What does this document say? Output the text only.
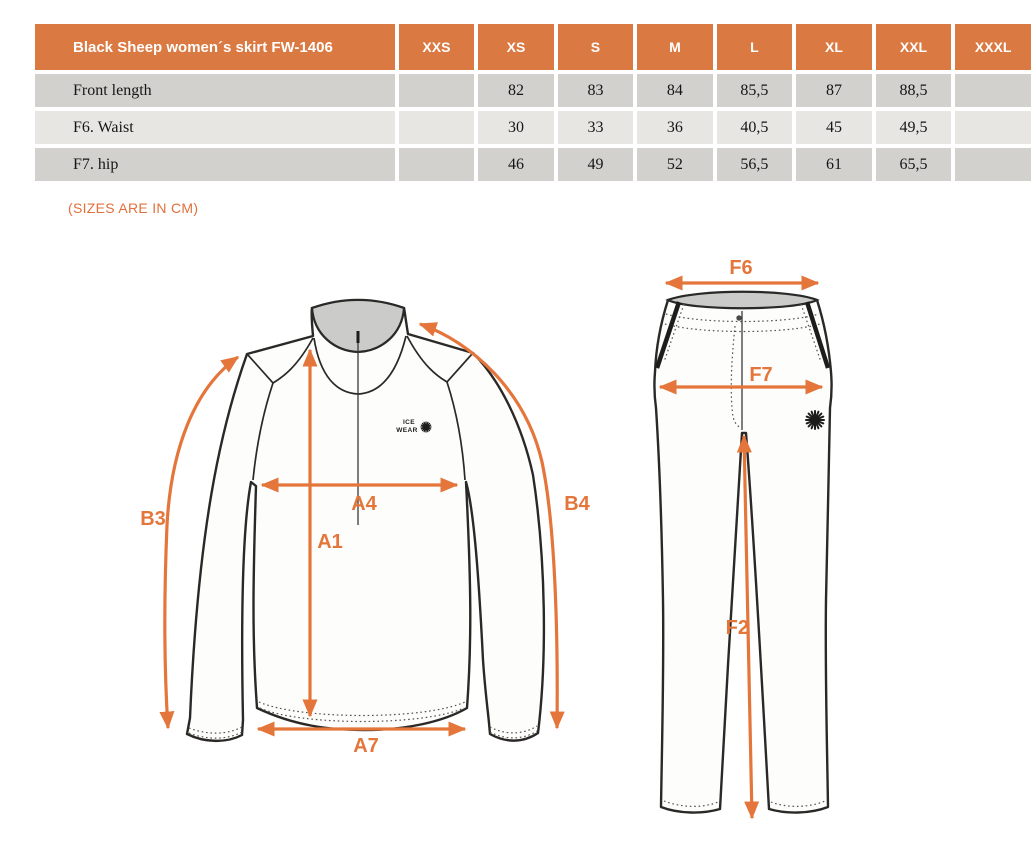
Black Sheep women´s skirt FW-1406	XXS	XS	S	M	L	XL	XXL	XXXL
Front length		82	83	84	85,5	87	88,5	
F6. Waist		30	33	36	40,5	45	49,5	
F7. hip		46	49	52	56,5	61	65,5	
(SIZES ARE IN CM)
ICE
WEAR
B3
B4
A4
A1
A7
F6
F7
F2
